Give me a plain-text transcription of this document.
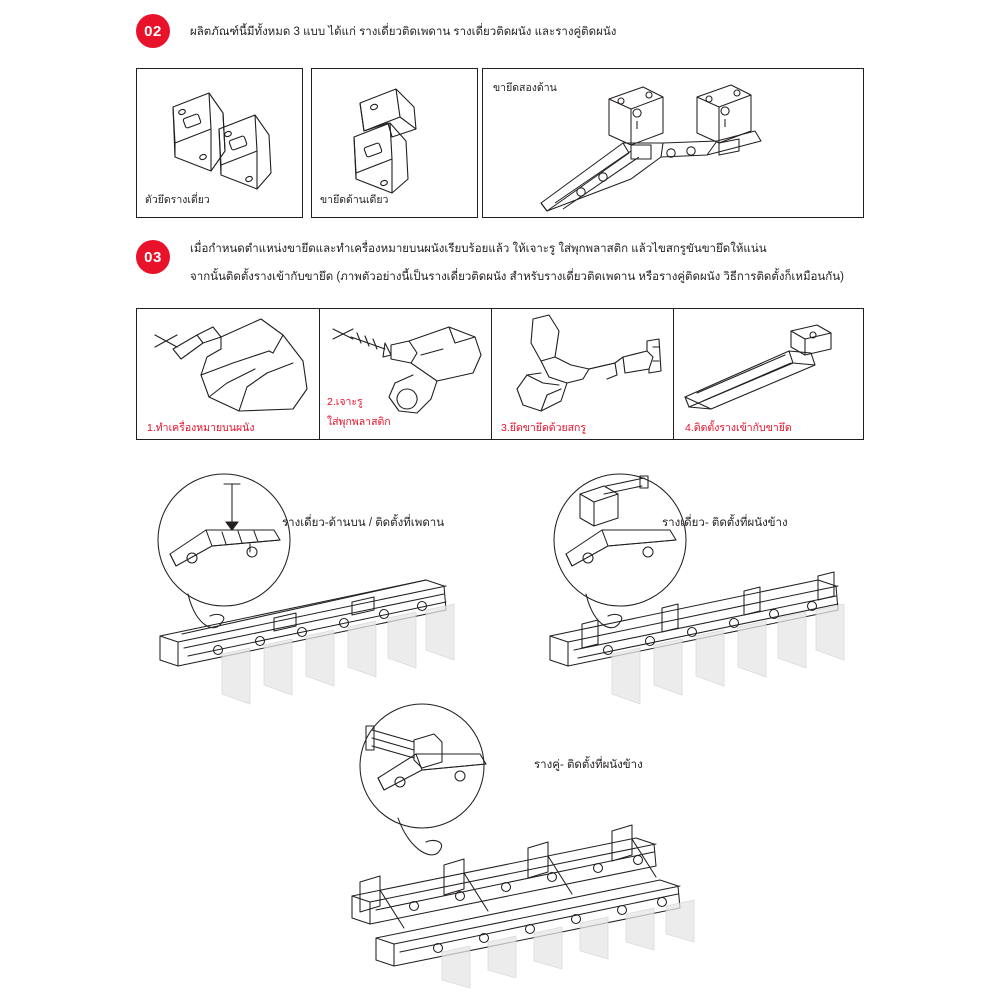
02 ผลิตภัณฑ์นี้มีทั้งหมด 3 แบบ ได้แก่ รางเดี่ยวติดเพดาน รางเดี่ยวติดผนัง และรางคู่ติดผนัง
ตัวยึดรางเดี่ยว	ขายึดด้านเดียว
ขายึดสองด้าน
03 เมื่อกำหนดตำแหน่งขายึดและทำเครื่องหมายบนผนังเรียบร้อยแล้ว ให้เจาะรู ใส่พุกพลาสติก แล้วไขสกรูขันขายึดให้แน่น
จากนั้นติดตั้งรางเข้ากับขายึด (ภาพตัวอย่างนี้เป็นรางเดี่ยวติดผนัง สำหรับรางเดี่ยวติดเพดาน หรือรางคู่ติดผนัง วิธีการติดตั้งก็เหมือนกัน)
1.ทำเครื่องหมายบนผนัง
2.เจาะรู
ใส่พุกพลาสติก	3.ยึดขายึดด้วยสกรู	4.ติดตั้งรางเข้ากับขายึด
รางเดี่ยว-ด้านบน / ติดตั้งที่เพดาน	รางเดี่ยว- ติดตั้งที่ผนังข้าง
รางคู่- ติดตั้งที่ผนังข้าง
